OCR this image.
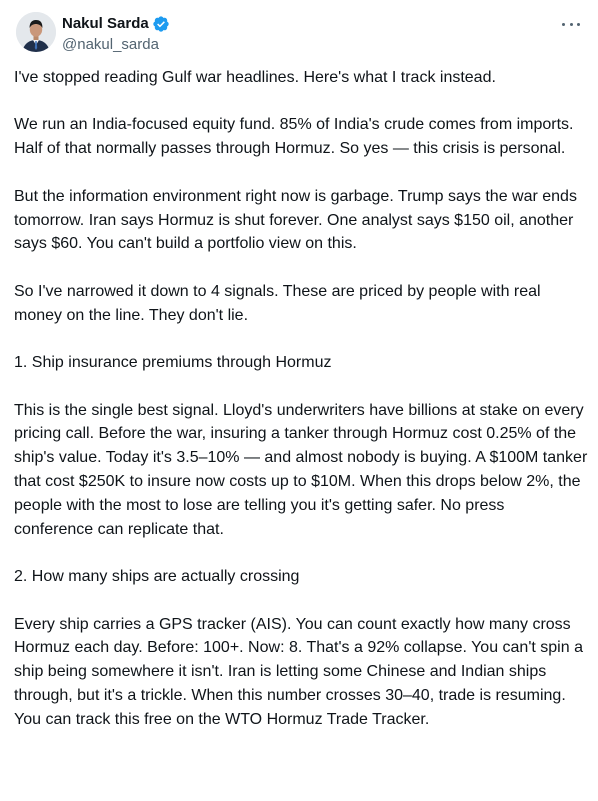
Nakul Sarda
@nakul_sarda

I've stopped reading Gulf war headlines. Here's what I track instead.

We run an India-focused equity fund. 85% of India's crude comes from imports. Half of that normally passes through Hormuz. So yes — this crisis is personal.

But the information environment right now is garbage. Trump says the war ends tomorrow. Iran says Hormuz is shut forever. One analyst says $150 oil, another says $60. You can't build a portfolio view on this.

So I've narrowed it down to 4 signals. These are priced by people with real money on the line. They don't lie.

1. Ship insurance premiums through Hormuz

This is the single best signal. Lloyd's underwriters have billions at stake on every pricing call. Before the war, insuring a tanker through Hormuz cost 0.25% of the ship's value. Today it's 3.5–10% — and almost nobody is buying. A $100M tanker that cost $250K to insure now costs up to $10M. When this drops below 2%, the people with the most to lose are telling you it's getting safer. No press conference can replicate that.

2. How many ships are actually crossing

Every ship carries a GPS tracker (AIS). You can count exactly how many cross Hormuz each day. Before: 100+. Now: 8. That's a 92% collapse. You can't spin a ship being somewhere it isn't. Iran is letting some Chinese and Indian ships through, but it's a trickle. When this number crosses 30–40, trade is resuming. You can track this free on the WTO Hormuz Trade Tracker.
